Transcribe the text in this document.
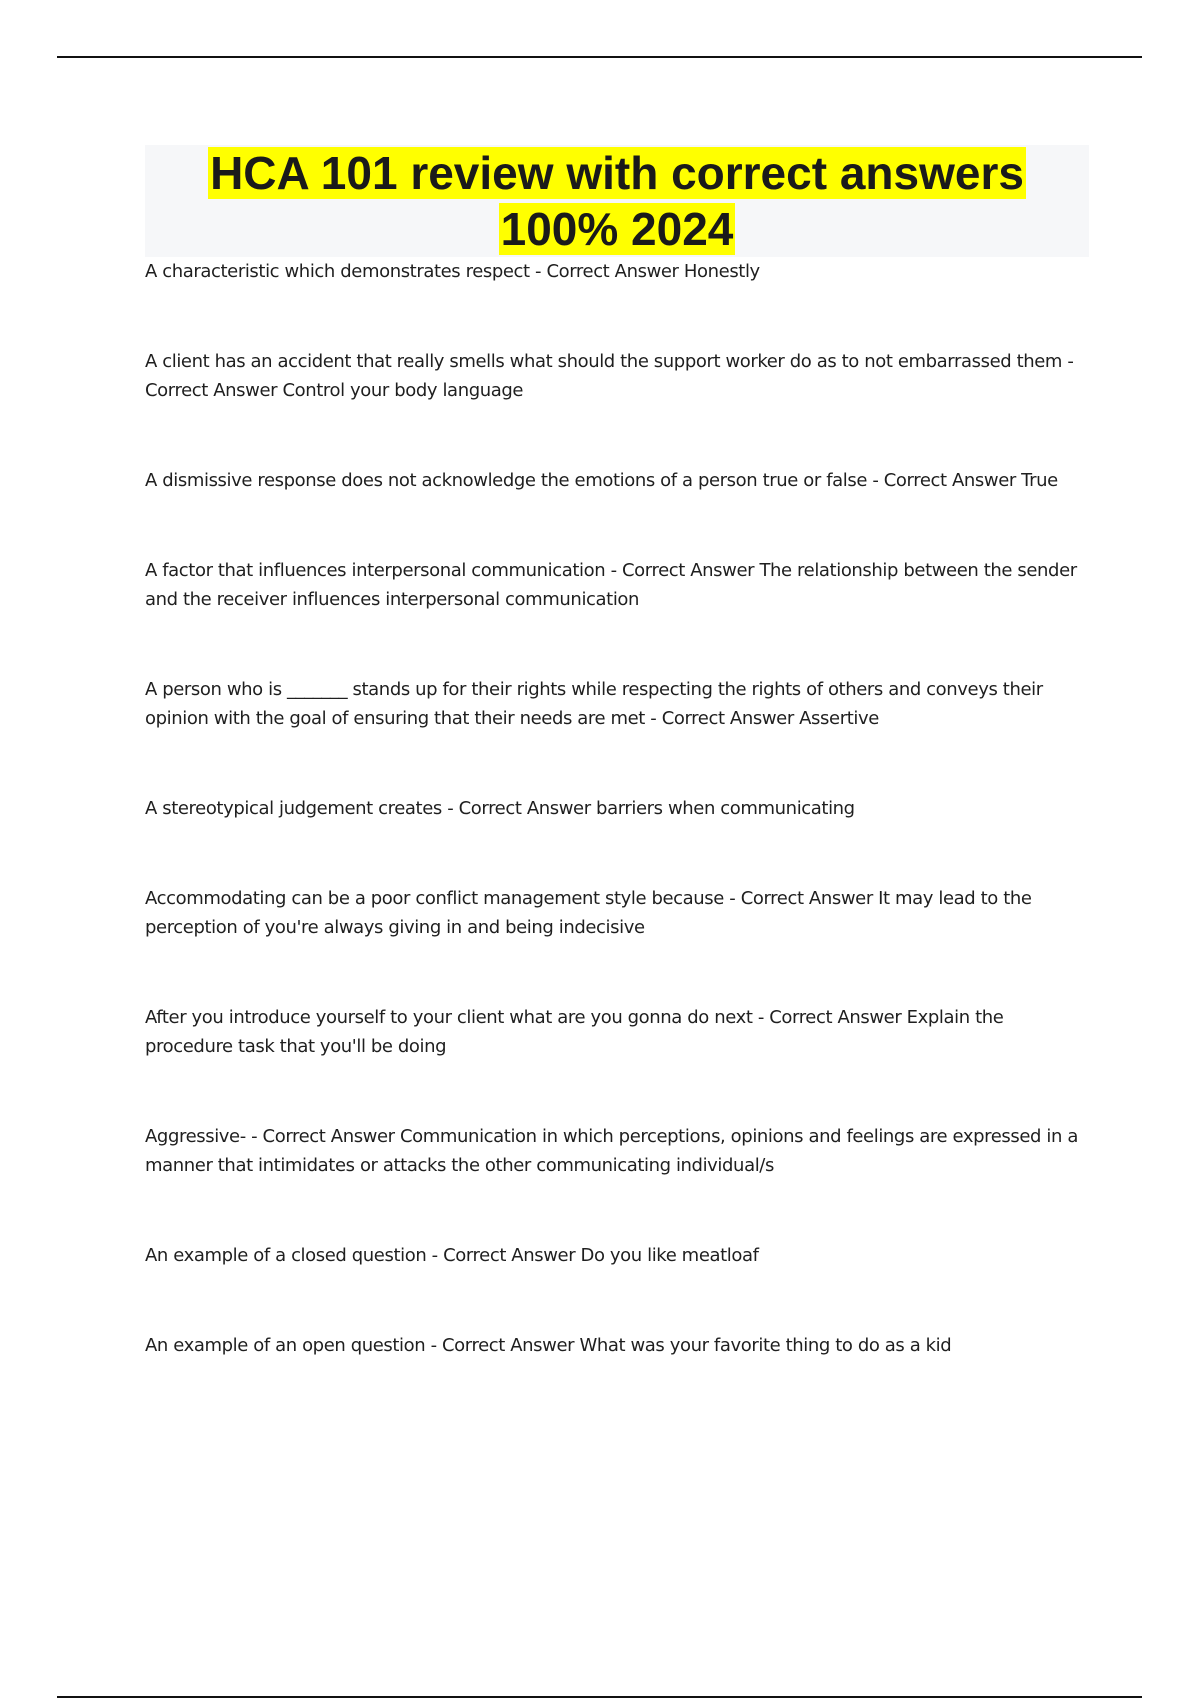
HCA 101 review with correct answers
100% 2024
A characteristic which demonstrates respect - Correct Answer Honestly
A client has an accident that really smells what should the support worker do as to not embarrassed them - Correct Answer Control your body language
A dismissive response does not acknowledge the emotions of a person true or false - Correct Answer True
A factor that influences interpersonal communication - Correct Answer The relationship between the sender and the receiver influences interpersonal communication
A person who is _______ stands up for their rights while respecting the rights of others and conveys their opinion with the goal of ensuring that their needs are met - Correct Answer Assertive
A stereotypical judgement creates - Correct Answer barriers when communicating
Accommodating can be a poor conflict management style because - Correct Answer It may lead to the perception of you're always giving in and being indecisive
After you introduce yourself to your client what are you gonna do next - Correct Answer Explain the procedure task that you'll be doing
Aggressive- - Correct Answer Communication in which perceptions, opinions and feelings are expressed in a manner that intimidates or attacks the other communicating individual/s
An example of a closed question - Correct Answer Do you like meatloaf
An example of an open question - Correct Answer What was your favorite thing to do as a kid
